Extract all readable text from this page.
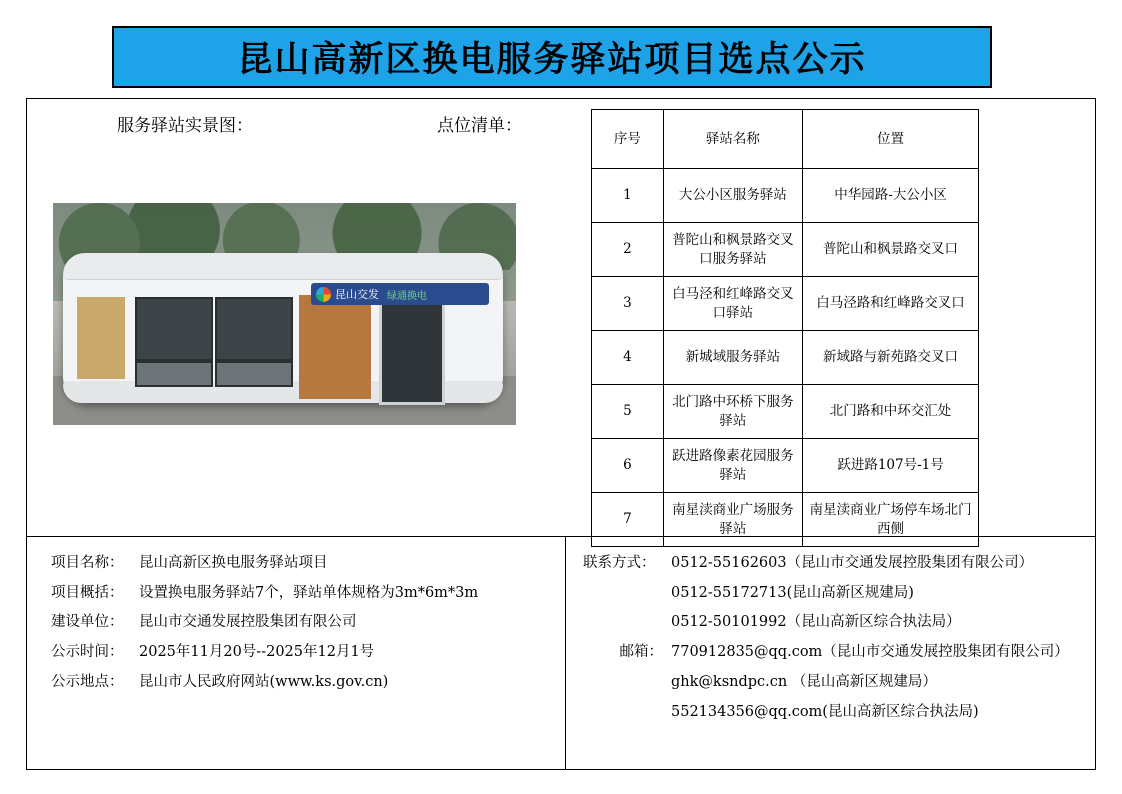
昆山高新区换电服务驿站项目选点公示
服务驿站实景图：	点位清单：
昆山交发 绿通换电
序号	驿站名称	位置
1	大公小区服务驿站	中华园路-大公小区
2	普陀山和枫景路交叉口服务驿站	普陀山和枫景路交叉口
3	白马泾和红峰路交叉口驿站	白马泾路和红峰路交叉口
4	新城域服务驿站	新域路与新苑路交叉口
5	北门路中环桥下服务驿站	北门路和中环交汇处
6	跃进路像素花园服务驿站	跃进路107号-1号
7	南星渎商业广场服务驿站	南星渎商业广场停车场北门西侧
项目名称：	昆山高新区换电服务驿站项目
项目概括：	设置换电服务驿站7个，驿站单体规格为3m*6m*3m
建设单位：	昆山市交通发展控股集团有限公司
公示时间：	2025年11月20号--2025年12月1号
公示地点：	昆山市人民政府网站(www.ks.gov.cn)
联系方式：	0512-55162603（昆山市交通发展控股集团有限公司）
0512-55172713(昆山高新区规建局)
0512-50101992（昆山高新区综合执法局）
邮箱： 770912835@qq.com（昆山市交通发展控股集团有限公司）
ghk@ksndpc.cn （昆山高新区规建局）
552134356@qq.com(昆山高新区综合执法局)
